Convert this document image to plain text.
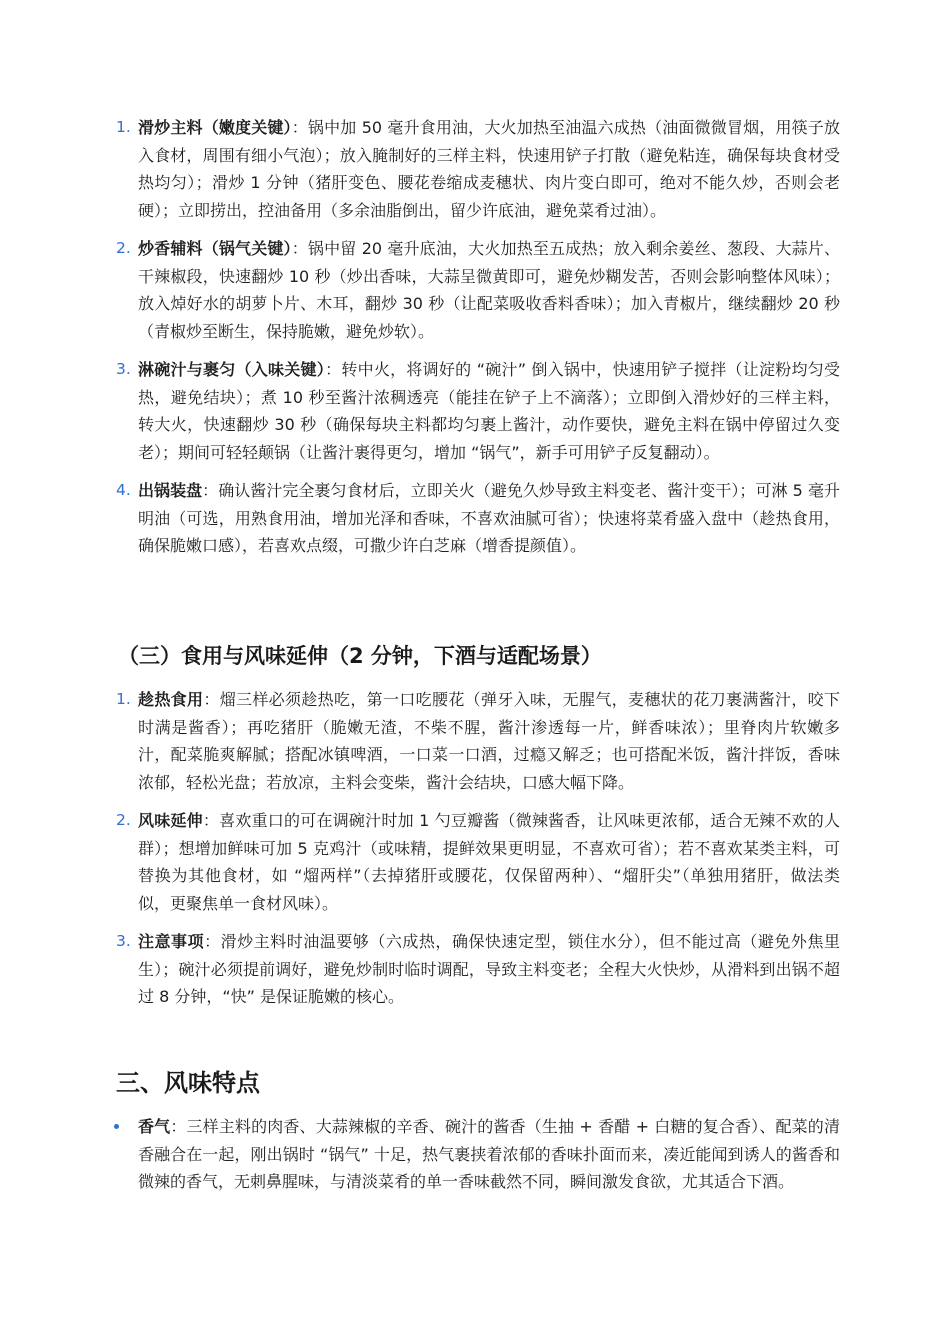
1. 滑炒主料（嫩度关键）：锅中加 50 毫升食用油，大火加热至油温六成热（油面微微冒烟，用筷子放入食材，周围有细小气泡）；放入腌制好的三样主料，快速用铲子打散（避免粘连，确保每块食材受热均匀）；滑炒 1 分钟（猪肝变色、腰花卷缩成麦穗状、肉片变白即可，绝对不能久炒，否则会老硬）；立即捞出，控油备用（多余油脂倒出，留少许底油，避免菜肴过油）。
2. 炒香辅料（锅气关键）：锅中留 20 毫升底油，大火加热至五成热；放入剩余姜丝、葱段、大蒜片、干辣椒段，快速翻炒 10 秒（炒出香味，大蒜呈微黄即可，避免炒糊发苦，否则会影响整体风味）；放入焯好水的胡萝卜片、木耳，翻炒 30 秒（让配菜吸收香料香味）；加入青椒片，继续翻炒 20 秒（青椒炒至断生，保持脆嫩，避免炒软）。
3. 淋碗汁与裹匀（入味关键）：转中火，将调好的 “碗汁” 倒入锅中，快速用铲子搅拌（让淀粉均匀受热，避免结块）；煮 10 秒至酱汁浓稠透亮（能挂在铲子上不滴落）；立即倒入滑炒好的三样主料，转大火，快速翻炒 30 秒（确保每块主料都均匀裹上酱汁，动作要快，避免主料在锅中停留过久变老）；期间可轻轻颠锅（让酱汁裹得更匀，增加 “锅气”，新手可用铲子反复翻动）。
4. 出锅装盘：确认酱汁完全裹匀食材后，立即关火（避免久炒导致主料变老、酱汁变干）；可淋 5 毫升明油（可选，用熟食用油，增加光泽和香味，不喜欢油腻可省）；快速将菜肴盛入盘中（趁热食用，确保脆嫩口感），若喜欢点缀，可撒少许白芝麻（增香提颜值）。
（三）食用与风味延伸（2 分钟，下酒与适配场景）
1. 趁热食用：熘三样必须趁热吃，第一口吃腰花（弹牙入味，无腥气，麦穗状的花刀裹满酱汁，咬下时满是酱香）；再吃猪肝（脆嫩无渣，不柴不腥，酱汁渗透每一片，鲜香味浓）；里脊肉片软嫩多汁，配菜脆爽解腻；搭配冰镇啤酒，一口菜一口酒，过瘾又解乏；也可搭配米饭，酱汁拌饭，香味浓郁，轻松光盘；若放凉，主料会变柴，酱汁会结块，口感大幅下降。
2. 风味延伸：喜欢重口的可在调碗汁时加 1 勺豆瓣酱（微辣酱香，让风味更浓郁，适合无辣不欢的人群）；想增加鲜味可加 5 克鸡汁（或味精，提鲜效果更明显，不喜欢可省）；若不喜欢某类主料，可替换为其他食材，如 “熘两样”（去掉猪肝或腰花，仅保留两种）、“熘肝尖”（单独用猪肝，做法类似，更聚焦单一食材风味）。
3. 注意事项：滑炒主料时油温要够（六成热，确保快速定型，锁住水分），但不能过高（避免外焦里生）；碗汁必须提前调好，避免炒制时临时调配，导致主料变老；全程大火快炒，从滑料到出锅不超过 8 分钟，“快” 是保证脆嫩的核心。
三、风味特点
香气：三样主料的肉香、大蒜辣椒的辛香、碗汁的酱香（生抽 + 香醋 + 白糖的复合香）、配菜的清香融合在一起，刚出锅时 “锅气” 十足，热气裹挟着浓郁的香味扑面而来，凑近能闻到诱人的酱香和微辣的香气，无刺鼻腥味，与清淡菜肴的单一香味截然不同，瞬间激发食欲，尤其适合下酒。
